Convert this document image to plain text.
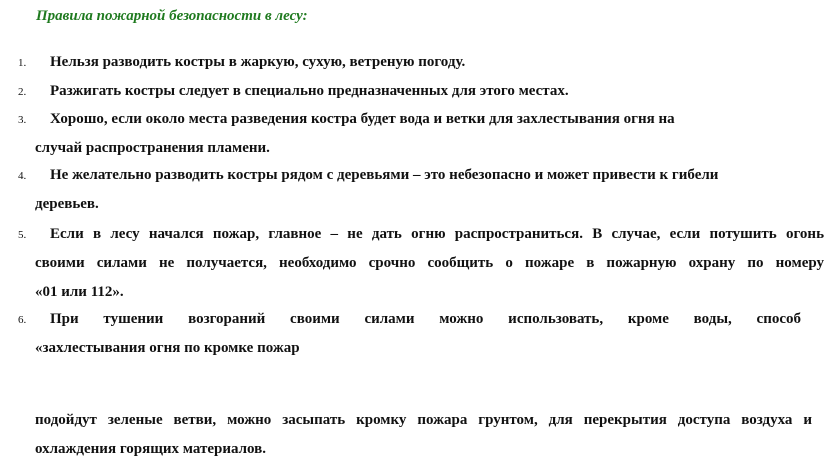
Правила пожарной безопасности в лесу:
1. Нельзя разводить костры в жаркую, сухую, ветреную погоду.
2. Разжигать костры следует в специально предназначенных для этого местах.
3. Хорошо, если около места разведения костра будет вода и ветки для захлестывания огня на
случай распространения пламени.
4. Не желательно разводить костры рядом с деревьями – это небезопасно и может привести к гибели
деревьев.
5. Если в лесу начался пожар, главное – не дать огню распространиться. В случае, если потушить огонь
своими силами не получается, необходимо срочно сообщить о пожаре в пожарную охрану по номеру
«01 или 112».
6. При тушении возгораний своими силами можно использовать, кроме воды, способ
«захлестывания огня по кромке пожар
подойдут зеленые ветви, можно засыпать кромку пожара грунтом, для перекрытия доступа воздуха и
охлаждения горящих материалов.
